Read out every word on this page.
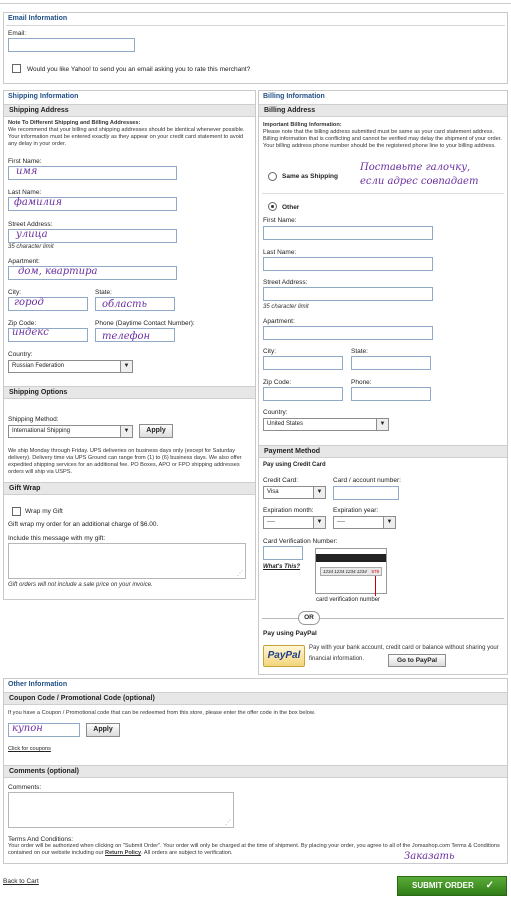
Email Information
Email:
Would you like Yahoo! to send you an email asking you to rate this merchant?
Shipping Information
Shipping Address
Note To Different Shipping and Billing Addresses:
We recommend that your billing and shipping addresses should be identical whenever possible. Your information must be entered exactly as they appear on your credit card statement to avoid any delay in your order.
First Name:
имя
Last Name:
фамилия
Street Address:
улица
35 character limit
Apartment:
дом, квартира
City:
город
State:
область
Zip Code:
индекс
Phone (Daytime Contact Number):
телефон
Country:
Russian Federation	▼
Shipping Options
Shipping Method:
International Shipping	▼	Apply
We ship Monday through Friday. UPS deliveries on business days only (except for Saturday delivery). Delivery time via UPS Ground can range from (1) to (6) business days. We also offer expedited shipping services for an additional fee. PO Boxes, APO or FPO shipping addresses orders will ship via USPS.
Gift Wrap
Wrap my Gift
Gift wrap my order for an additional charge of $6.00.
Include this message with my gift:
⋰
Gift orders will not include a sale price on your invoice.
Billing Information
Billing Address
Important Billing Information:
Please note that the billing address submitted must be same as your card statement address. Billing information that is conflicting and cannot be verified may delay the shipment of your order. Your billing address phone number should be the registered phone line to your billing address.
Same as Shipping
Поставьте галочку,
если адрес совпадает
Other
First Name:
Last Name:
Street Address:
35 character limit
Apartment:
City:	State:
Zip Code:	Phone:
Country:
United States	▼
Payment Method
Pay using Credit Card
Credit Card:
Visa	▼
Card / account number:
Expiration month:
----	▼
Expiration year:
----	▼
Card Verification Number:
What's This?
1234 1234 1234 1234 579
card verification number
OR
Pay using PayPal
PayPal
Pay with your bank account, credit card or balance without sharing your financial information.	Go to PayPal
Other Information
Coupon Code / Promotional Code (optional)
If you have a Coupon / Promotional code that can be redeemed from this store, please enter the offer code in the box below.
купон	Apply
Click for coupons
Comments (optional)
Comments:
⋰
Terms And Conditions:
Your order will be authorized when clicking on "Submit Order". Your order will only be charged at the time of shipment. By placing your order, you agree to all of the Jomashop.com Terms & Conditions contained on our website including our Return Policy. All orders are subject to verification.	Заказать
Back to Cart	SUBMIT ORDER ✓
